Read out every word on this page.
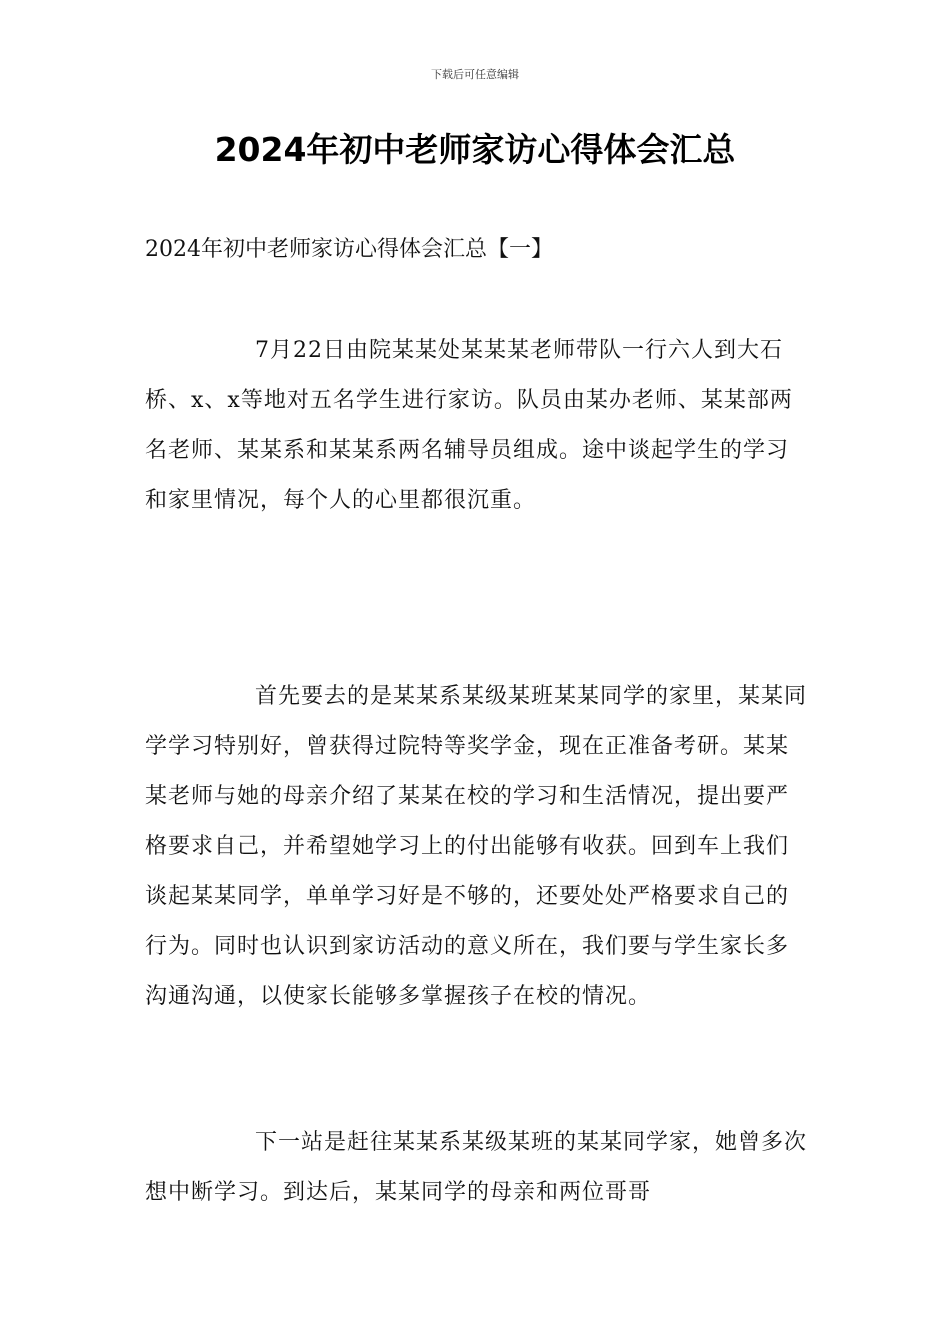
下载后可任意编辑
2024年初中老师家访心得体会汇总
2024年初中老师家访心得体会汇总【一】

7月22日由院某某处某某某老师带队一行六人到大石桥、x、x等地对五名学生进行家访。队员由某办老师、某某部两名老师、某某系和某某系两名辅导员组成。途中谈起学生的学习和家里情况，每个人的心里都很沉重。

首先要去的是某某系某级某班某某同学的家里，某某同学学习特别好，曾获得过院特等奖学金，现在正准备考研。某某某老师与她的母亲介绍了某某在校的学习和生活情况，提出要严格要求自己，并希望她学习上的付出能够有收获。回到车上我们谈起某某同学，单单学习好是不够的，还要处处严格要求自己的行为。同时也认识到家访活动的意义所在，我们要与学生家长多沟通沟通，以使家长能够多掌握孩子在校的情况。

下一站是赶往某某系某级某班的某某同学家，她曾多次想中断学习。到达后，某某同学的母亲和两位哥哥
